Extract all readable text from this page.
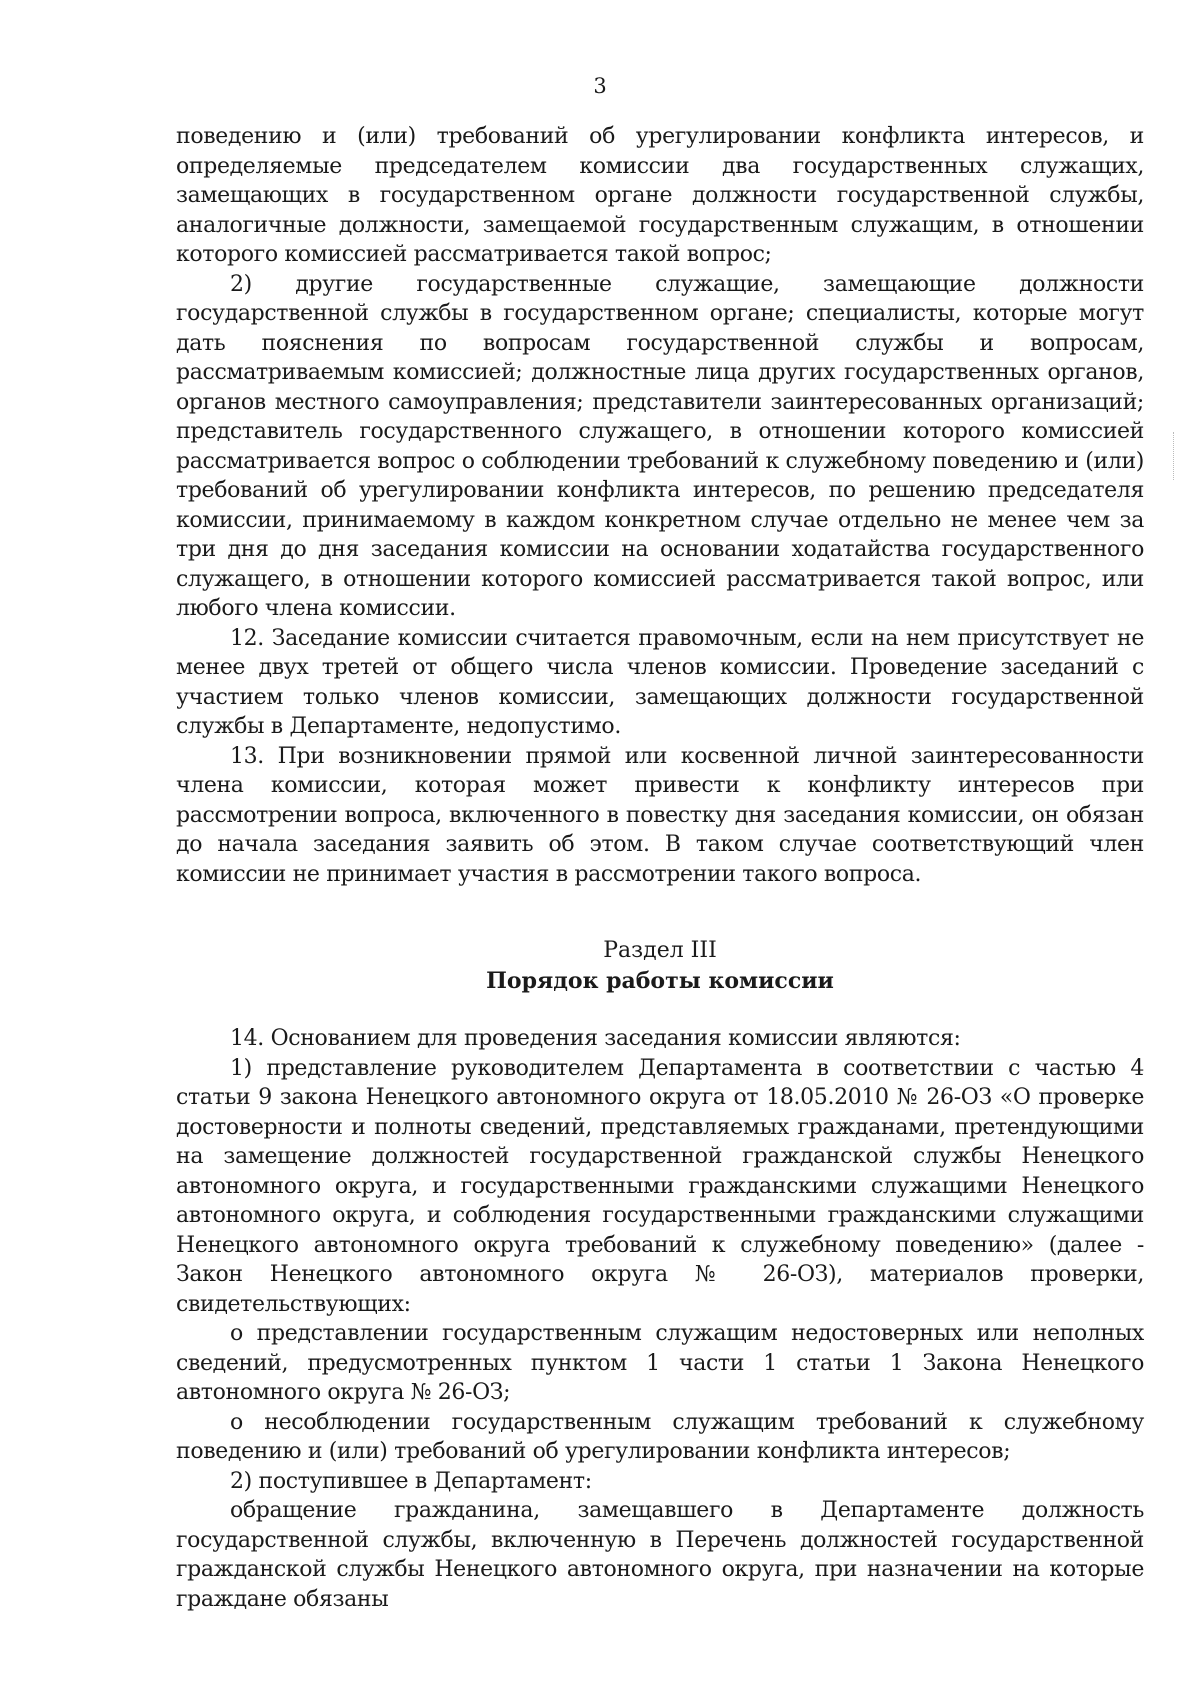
3

поведению и (или) требований об урегулировании конфликта интересов, и определяемые председателем комиссии два государственных служащих, замещающих в государственном органе должности государственной службы, аналогичные должности, замещаемой государственным служащим, в отношении которого комиссией рассматривается такой вопрос;

2) другие государственные служащие, замещающие должности государственной службы в государственном органе; специалисты, которые могут дать пояснения по вопросам государственной службы и вопросам, рассматриваемым комиссией; должностные лица других государственных органов, органов местного самоуправления; представители заинтересованных организаций; представитель государственного служащего, в отношении которого комиссией рассматривается вопрос о соблюдении требований к служебному поведению и (или) требований об урегулировании конфликта интересов, по решению председателя комиссии, принимаемому в каждом конкретном случае отдельно не менее чем за три дня до дня заседания комиссии на основании ходатайства государственного служащего, в отношении которого комиссией рассматривается такой вопрос, или любого члена комиссии.

12. Заседание комиссии считается правомочным, если на нем присутствует не менее двух третей от общего числа членов комиссии. Проведение заседаний с участием только членов комиссии, замещающих должности государственной службы в Департаменте, недопустимо.

13. При возникновении прямой или косвенной личной заинтересованности члена комиссии, которая может привести к конфликту интересов при рассмотрении вопроса, включенного в повестку дня заседания комиссии, он обязан до начала заседания заявить об этом. В таком случае соответствующий член комиссии не принимает участия в рассмотрении такого вопроса.

Раздел III
Порядок работы комиссии

14. Основанием для проведения заседания комиссии являются:

1) представление руководителем Департамента в соответствии с частью 4 статьи 9 закона Ненецкого автономного округа от 18.05.2010 № 26-ОЗ «О проверке достоверности и полноты сведений, представляемых гражданами, претендующими на замещение должностей государственной гражданской службы Ненецкого автономного округа, и государственными гражданскими служащими Ненецкого автономного округа, и соблюдения государственными гражданскими служащими Ненецкого автономного округа требований к служебному поведению» (далее - Закон Ненецкого автономного округа № 26-ОЗ), материалов проверки, свидетельствующих:

о представлении государственным служащим недостоверных или неполных сведений, предусмотренных пунктом 1 части 1 статьи 1 Закона Ненецкого автономного округа № 26-ОЗ;

о несоблюдении государственным служащим требований к служебному поведению и (или) требований об урегулировании конфликта интересов;

2) поступившее в Департамент:

обращение гражданина, замещавшего в Департаменте должность государственной службы, включенную в Перечень должностей государственной гражданской службы Ненецкого автономного округа, при назначении на которые граждане обязаны
